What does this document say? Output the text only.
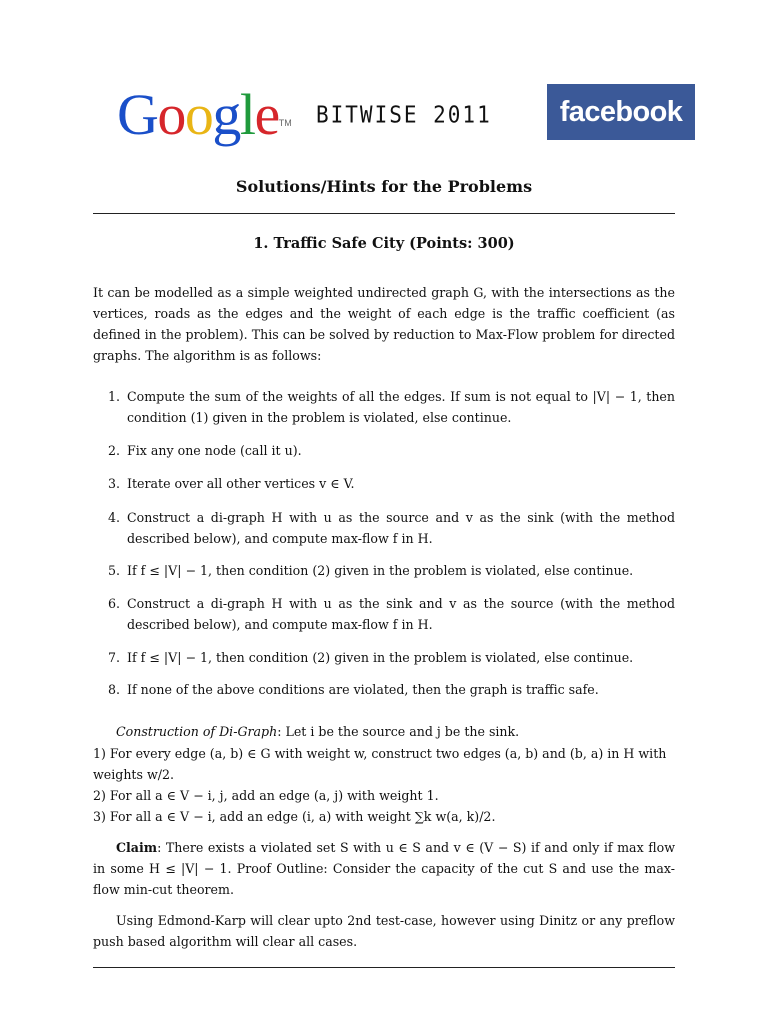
Google™ BITWISE 2011	facebook
Solutions/Hints for the Problems
1. Traffic Safe City (Points: 300)
It can be modelled as a simple weighted undirected graph G, with the intersections as the vertices, roads as the edges and the weight of each edge is the traffic coefficient (as defined in the problem). This can be solved by reduction to Max-Flow problem for directed graphs. The algorithm is as follows:
1. Compute the sum of the weights of all the edges. If sum is not equal to |V| − 1, then condition (1) given in the problem is violated, else continue.
2. Fix any one node (call it u).
3. Iterate over all other vertices v ∈ V.
4. Construct a di-graph H with u as the source and v as the sink (with the method described below), and compute max-flow f in H.
5. If f ≤ |V| − 1, then condition (2) given in the problem is violated, else continue.
6. Construct a di-graph H with u as the sink and v as the source (with the method described below), and compute max-flow f in H.
7. If f ≤ |V| − 1, then condition (2) given in the problem is violated, else continue.
8. If none of the above conditions are violated, then the graph is traffic safe.
Construction of Di-Graph: Let i be the source and j be the sink.
1) For every edge (a, b) ∈ G with weight w, construct two edges (a, b) and (b, a) in H with
weights w/2.
2) For all a ∈ V − i, j, add an edge (a, j) with weight 1.
3) For all a ∈ V − i, add an edge (i, a) with weight ∑k w(a, k)/2.
Claim: There exists a violated set S with u ∈ S and v ∈ (V − S) if and only if max flow in some H ≤ |V| − 1. Proof Outline: Consider the capacity of the cut S and use the max-flow min-cut theorem.
Using Edmond-Karp will clear upto 2nd test-case, however using Dinitz or any preflow push based algorithm will clear all cases.
